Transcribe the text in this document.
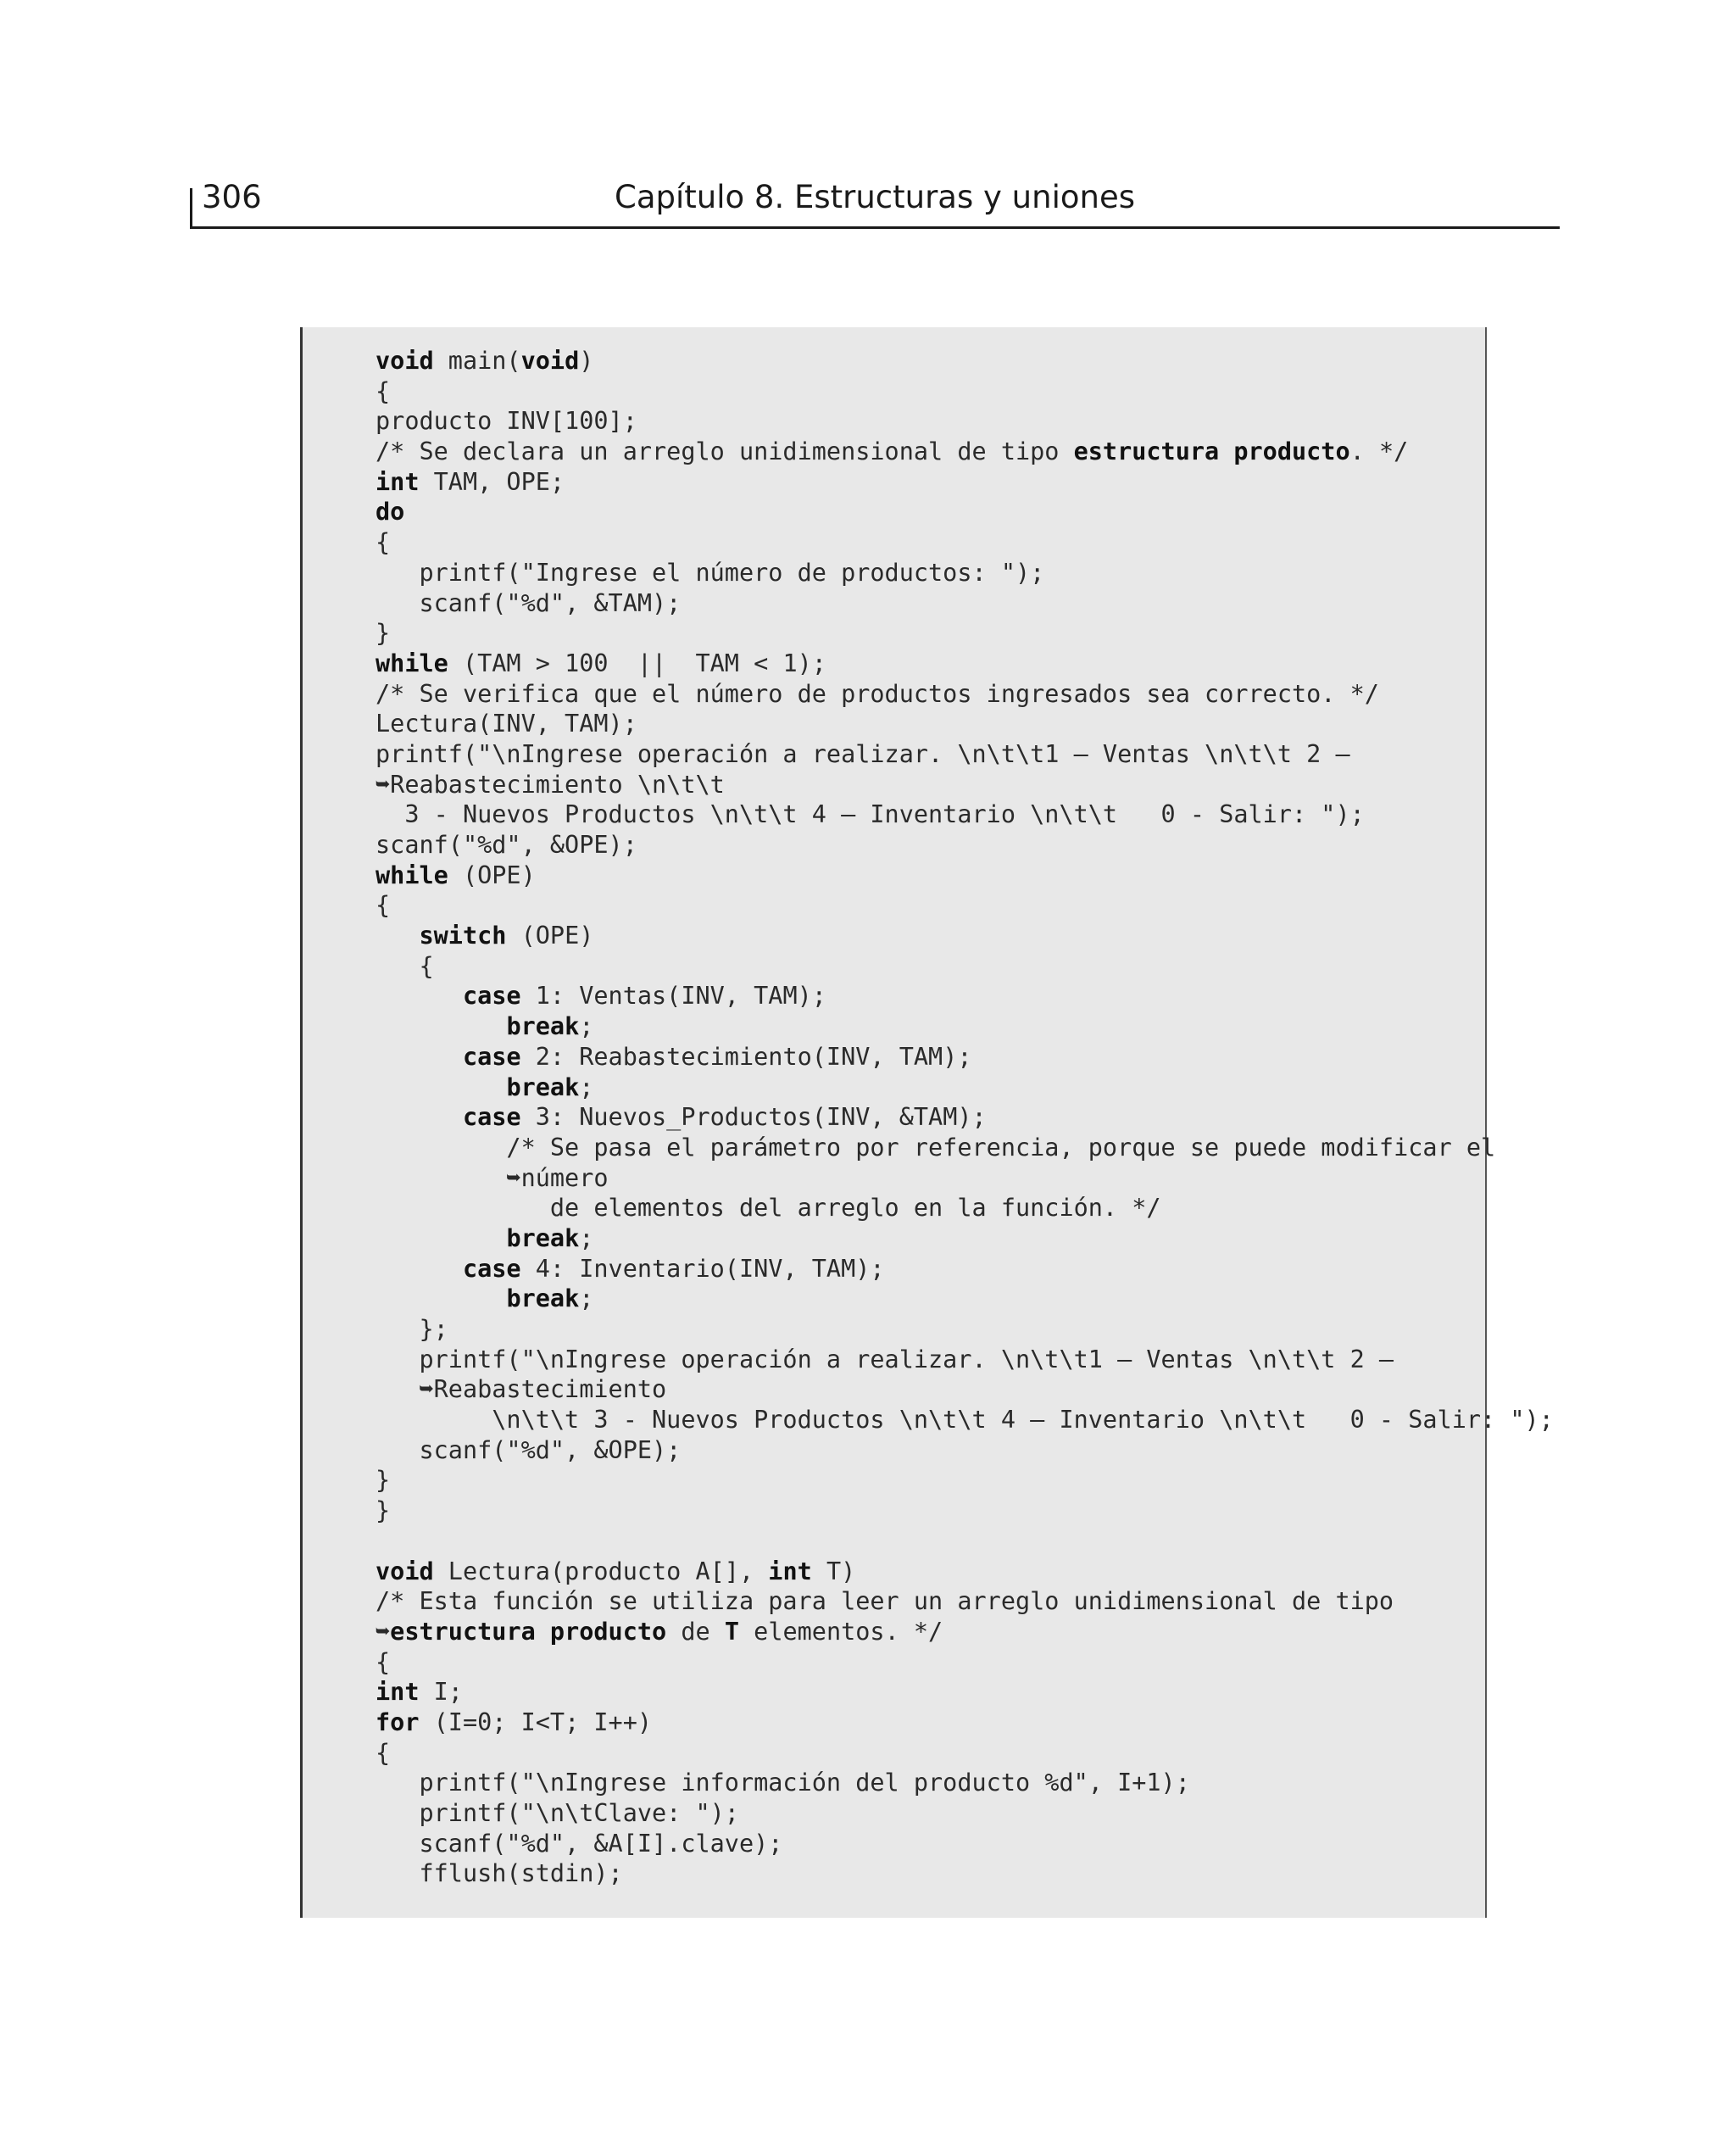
306	Capítulo 8. Estructuras y uniones
void main(void)
{
producto INV[100];
/* Se declara un arreglo unidimensional de tipo estructura producto. */
int TAM, OPE;
do
{
printf("Ingrese el número de productos: ");
scanf("%d", &TAM);
}
while (TAM > 100  ||  TAM < 1);
/* Se verifica que el número de productos ingresados sea correcto. */
Lectura(INV, TAM);
printf("\nIngrese operación a realizar. \n\t\t1 – Ventas \n\t\t 2 –
➥Reabastecimiento \n\t\t
3 - Nuevos Productos \n\t\t 4 – Inventario \n\t\t   0 - Salir: ");
scanf("%d", &OPE);
while (OPE)
{
switch (OPE)
{
case 1: Ventas(INV, TAM);
break;
case 2: Reabastecimiento(INV, TAM);
break;
case 3: Nuevos_Productos(INV, &TAM);
/* Se pasa el parámetro por referencia, porque se puede modificar el
➥número
de elementos del arreglo en la función. */
break;
case 4: Inventario(INV, TAM);
break;
};
printf("\nIngrese operación a realizar. \n\t\t1 – Ventas \n\t\t 2 –
➥Reabastecimiento
\n\t\t 3 - Nuevos Productos \n\t\t 4 – Inventario \n\t\t   0 - Salir: ");
scanf("%d", &OPE);
}
}

void Lectura(producto A[], int T)
/* Esta función se utiliza para leer un arreglo unidimensional de tipo
➥estructura producto de T elementos. */
{
int I;
for (I=0; I<T; I++)
{
printf("\nIngrese información del producto %d", I+1);
printf("\n\tClave: ");
scanf("%d", &A[I].clave);
fflush(stdin);
